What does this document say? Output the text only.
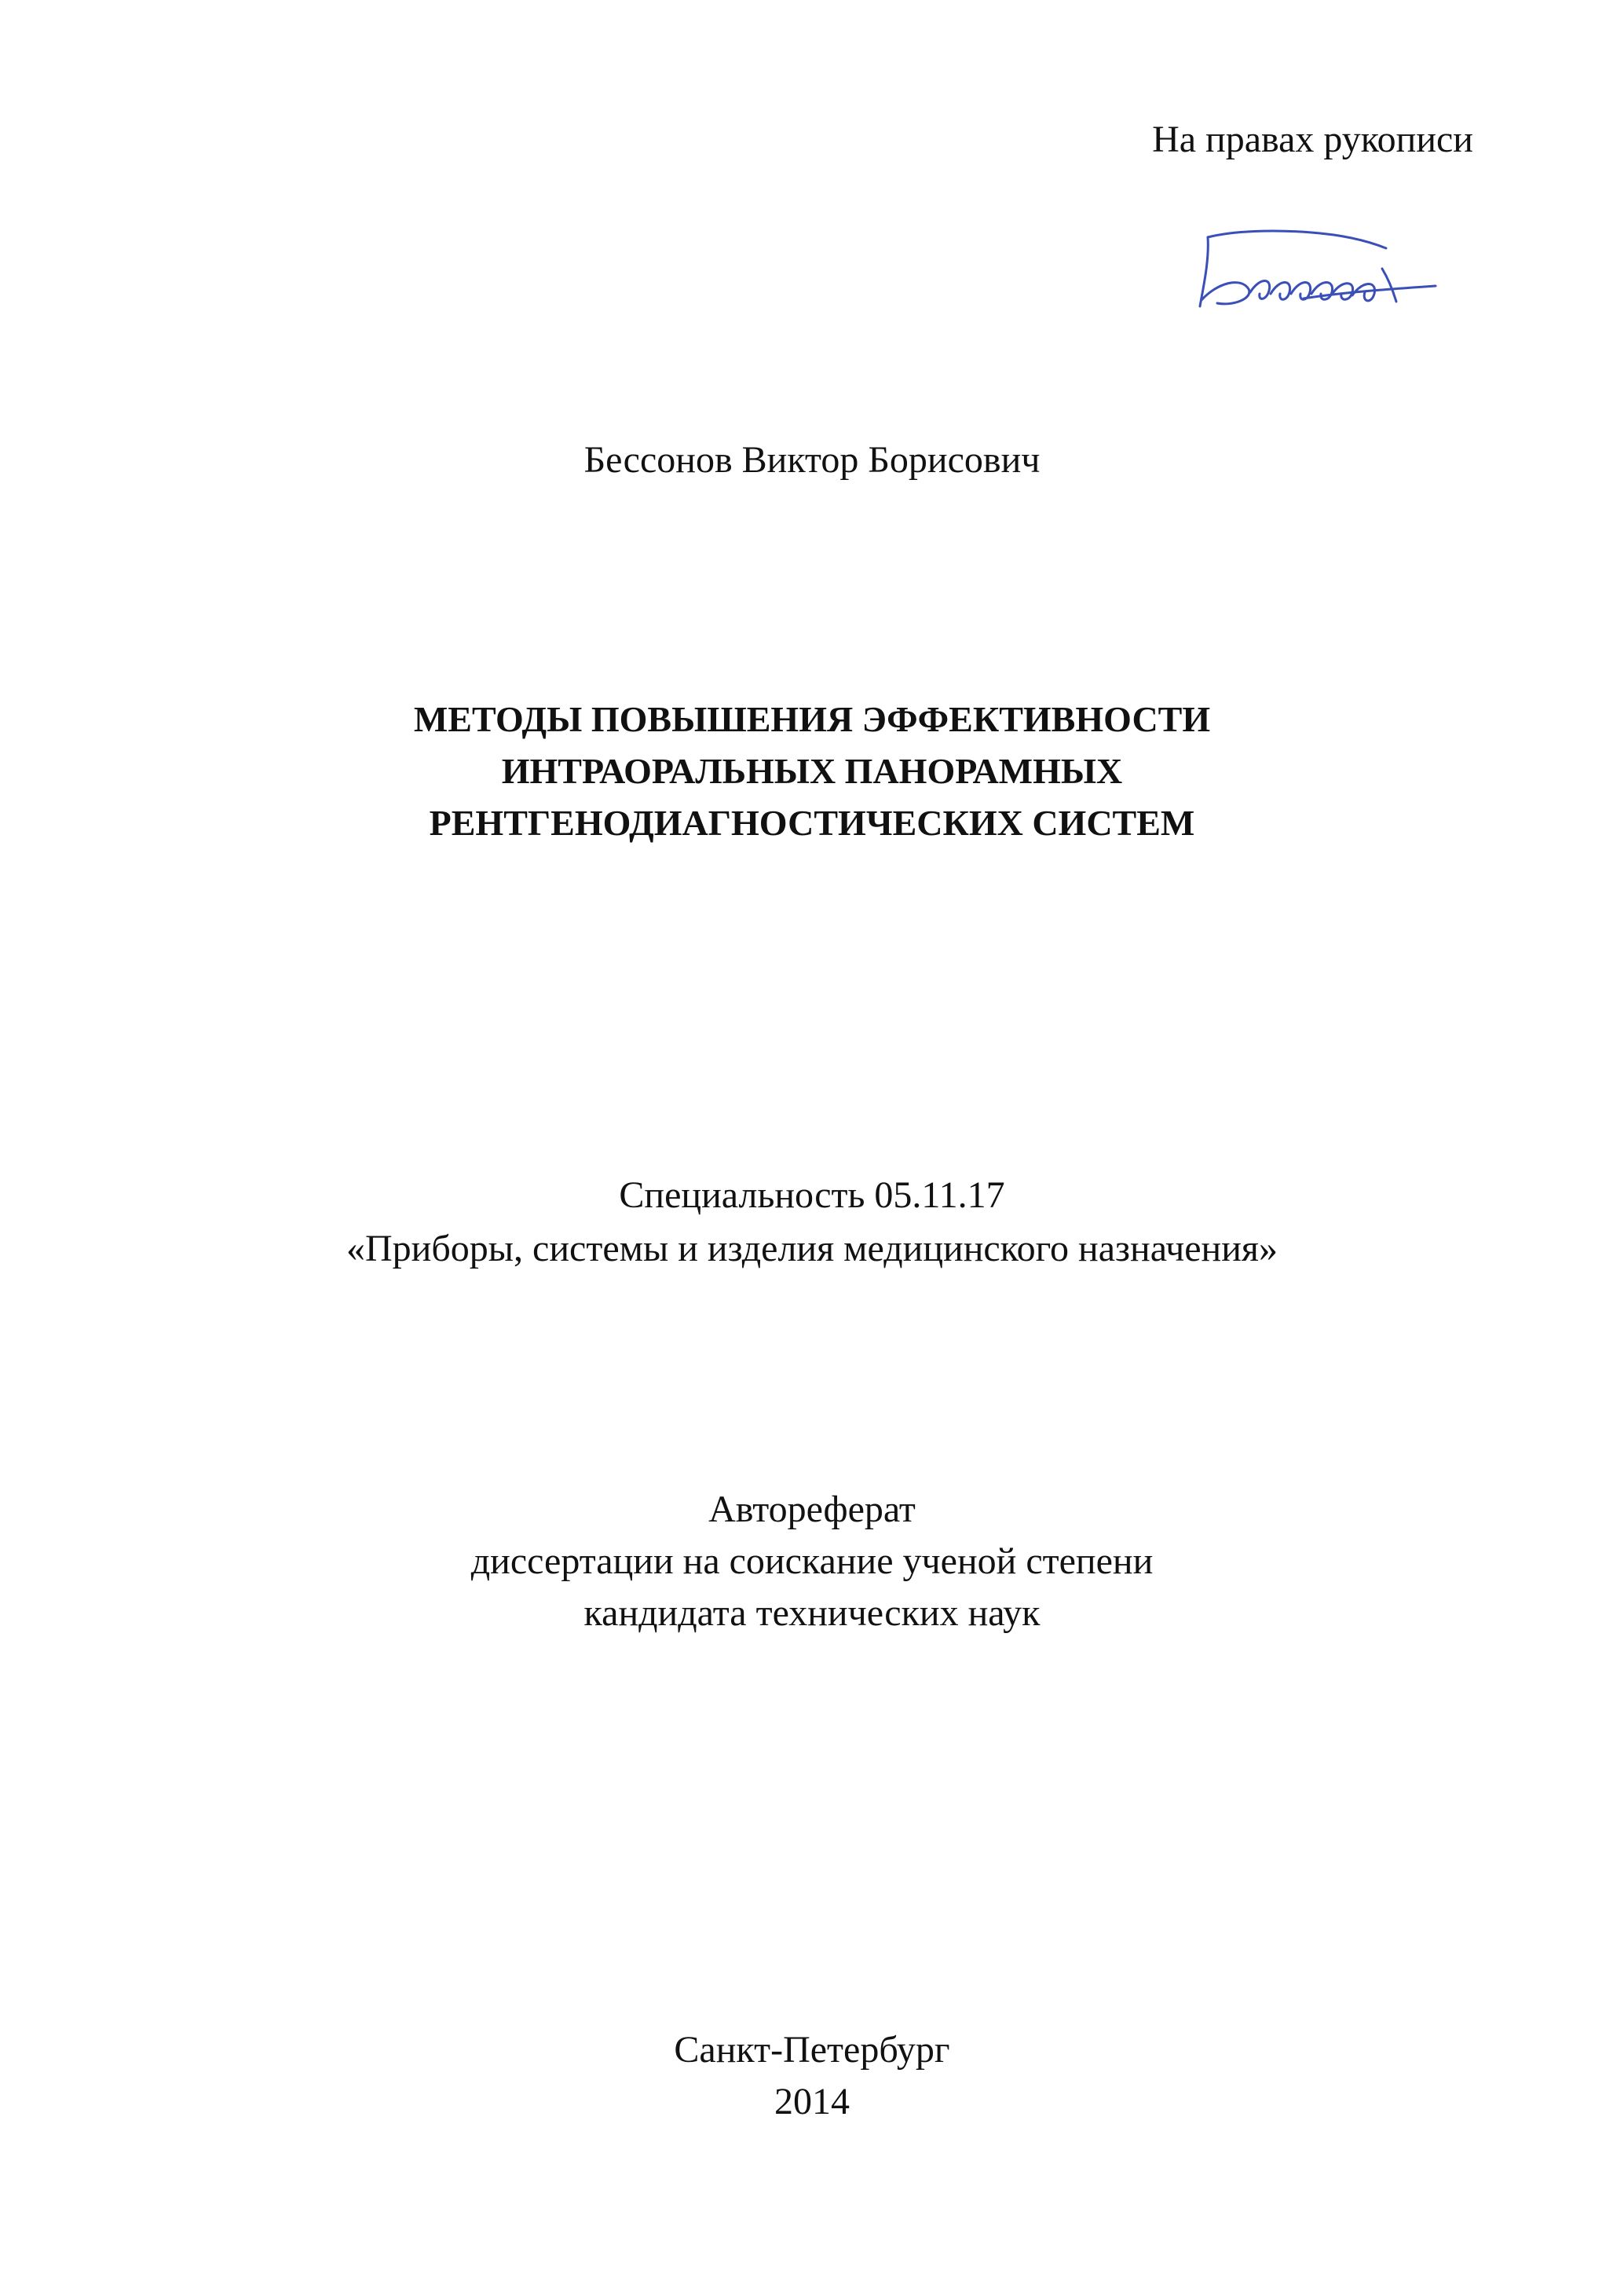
На правах рукописи
Бессонов Виктор Борисович
МЕТОДЫ ПОВЫШЕНИЯ ЭФФЕКТИВНОСТИ
ИНТРАОРАЛЬНЫХ ПАНОРАМНЫХ
РЕНТГЕНОДИАГНОСТИЧЕСКИХ СИСТЕМ
Специальность 05.11.17
«Приборы, системы и изделия медицинского назначения»
Автореферат
диссертации на соискание ученой степени
кандидата технических наук
Санкт-Петербург
2014
